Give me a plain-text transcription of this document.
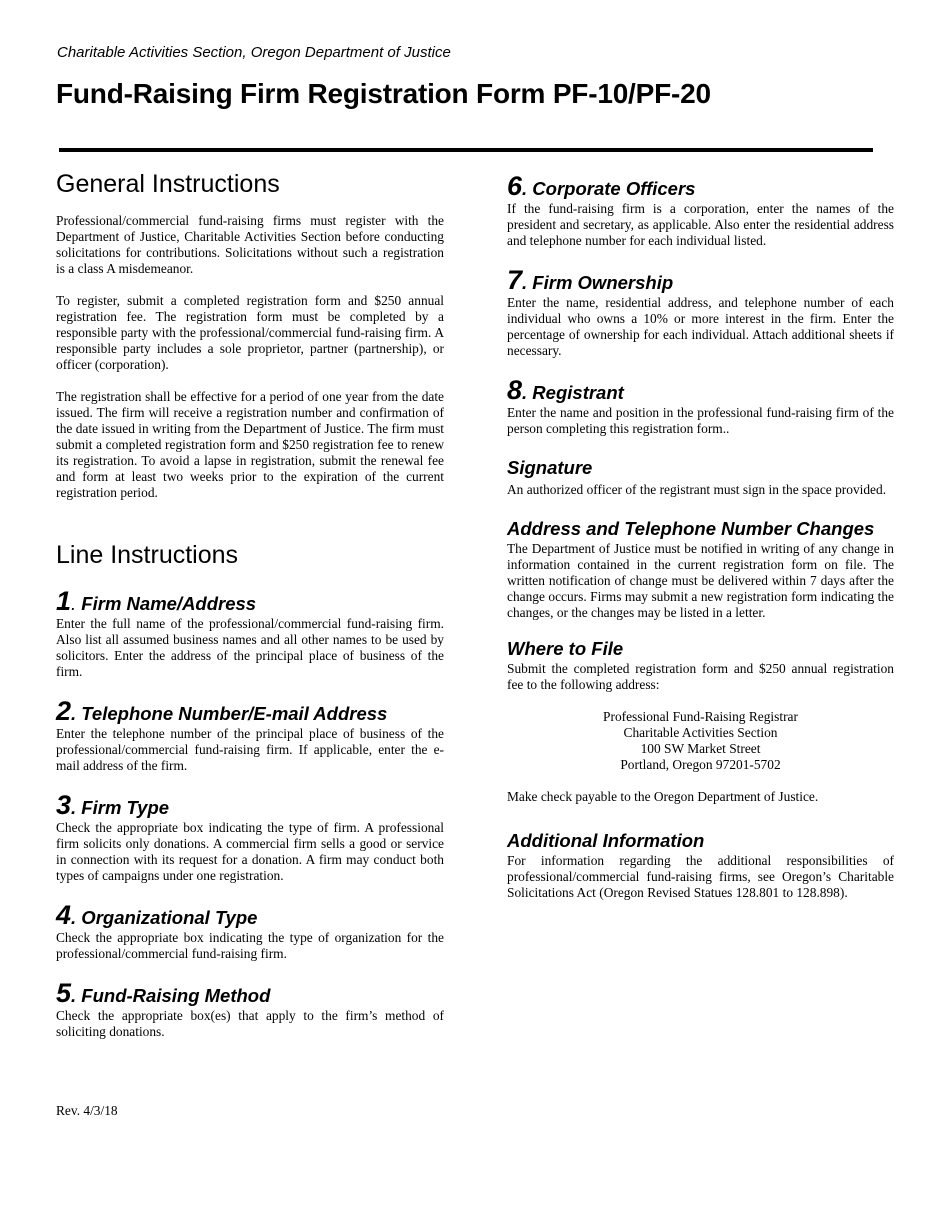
Charitable Activities Section, Oregon Department of Justice
Fund-Raising Firm Registration Form PF-10/PF-20
General Instructions

Professional/commercial fund-raising firms must register with the Department of Justice, Charitable Activities Section before conducting solicitations for contributions. Solicitations without such a registration is a class A misdemeanor.

To register, submit a completed registration form and $250 annual registration fee. The registration form must be completed by a responsible party with the professional/commercial fund-raising firm. A responsible party includes a sole proprietor, partner (partnership), or officer (corporation).

The registration shall be effective for a period of one year from the date issued. The firm will receive a registration number and confirmation of the date issued in writing from the Department of Justice. The firm must submit a completed registration form and $250 registration fee to renew its registration. To avoid a lapse in registration, submit the renewal fee and form at least two weeks prior to the expiration of the current registration period.

Line Instructions
1. Firm Name/Address

Enter the full name of the professional/commercial fund-raising firm. Also list all assumed business names and all other names to be used by solicitors. Enter the address of the principal place of business of the firm.

2. Telephone Number/E-mail Address

Enter the telephone number of the principal place of business of the professional/commercial fund-raising firm. If applicable, enter the e-mail address of the firm.

3. Firm Type

Check the appropriate box indicating the type of firm. A professional firm solicits only donations. A commercial firm sells a good or service in connection with its request for a donation. A firm may conduct both types of campaigns under one registration.

4. Organizational Type

Check the appropriate box indicating the type of organization for the professional/commercial fund-raising firm.

5. Fund-Raising Method

Check the appropriate box(es) that apply to the firm’s method of soliciting donations.

6. Corporate Officers

If the fund-raising firm is a corporation, enter the names of the president and secretary, as applicable. Also enter the residential address and telephone number for each individual listed.

7. Firm Ownership

Enter the name, residential address, and telephone number of each individual who owns a 10% or more interest in the firm. Enter the percentage of ownership for each individual. Attach additional sheets if necessary.

8. Registrant

Enter the name and position in the professional fund-raising firm of the person completing this registration form..

Signature

An authorized officer of the registrant must sign in the space provided.

Address and Telephone Number Changes

The Department of Justice must be notified in writing of any change in information contained in the current registration form on file. The written notification of change must be delivered within 7 days after the change occurs. Firms may submit a new registration form indicating the changes, or the changes may be listed in a letter.

Where to File

Submit the completed registration form and $250 annual registration fee to the following address:

Professional Fund-Raising Registrar

Charitable Activities Section

100 SW Market Street

Portland, Oregon 97201-5702

Make check payable to the Oregon Department of Justice.

Additional Information

For information regarding the additional responsibilities of professional/commercial fund-raising firms, see Oregon’s Charitable Solicitations Act (Oregon Revised Statues 128.801 to 128.898).

Rev. 4/3/18
